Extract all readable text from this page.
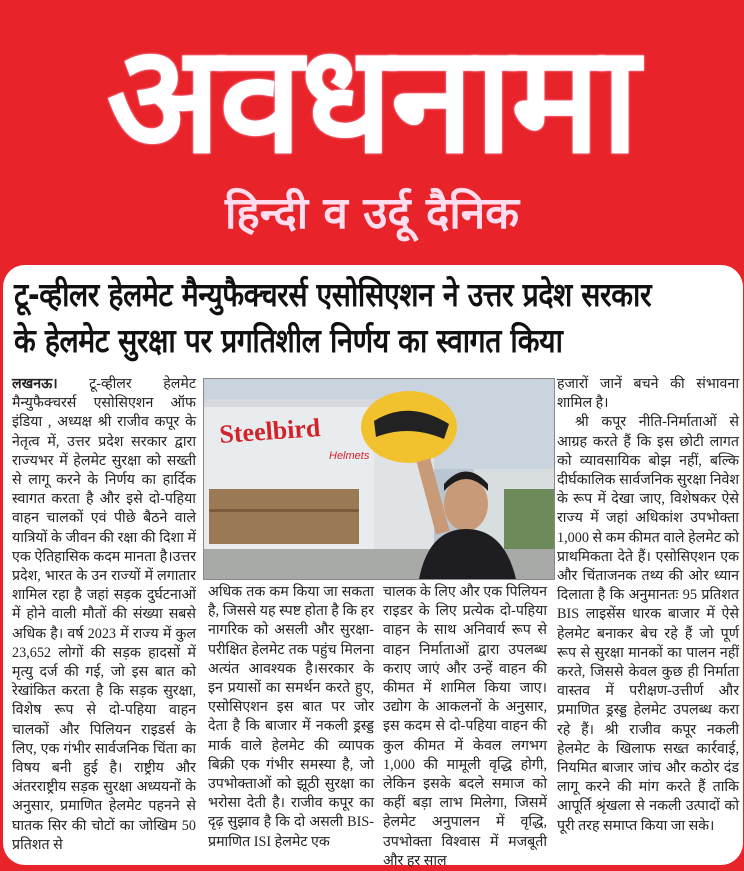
अवधनामा
हिन्दी व उर्दू दैनिक
टू-व्हीलर हेलमेट मैन्युफैक्चरर्स एसोसिएशन ने उत्तर प्रदेश सरकार
के हेलमेट सुरक्षा पर प्रगतिशील निर्णय का स्वागत किया

लखनऊ। टू-व्हीलर हेलमेट मैन्युफैक्चरर्स एसोसिएशन ऑफ इंडिया , अध्यक्ष श्री राजीव कपूर के नेतृत्व में, उत्तर प्रदेश सरकार द्वारा राज्यभर में हेलमेट सुरक्षा को सख्ती से लागू करने के निर्णय का हार्दिक स्वागत करता है और इसे दो-पहिया वाहन चालकों एवं पीछे बैठने वाले यात्रियों के जीवन की रक्षा की दिशा में एक ऐतिहासिक कदम मानता है।उत्तर प्रदेश, भारत के उन राज्यों में लगातार शामिल रहा है जहां सड़क दुर्घटनाओं में होने वाली मौतों की संख्या सबसे अधिक है। वर्ष 2023 में राज्य में कुल 23,652 लोगों की सड़क हादसों में मृत्यु दर्ज की गई, जो इस बात को रेखांकित करता है कि सड़क सुरक्षा, विशेष रूप से दो-पहिया वाहन चालकों और पिलियन राइडर्स के लिए, एक गंभीर सार्वजनिक चिंता का विषय बनी हुई है। राष्ट्रीय और अंतरराष्ट्रीय सड़क सुरक्षा अध्ययनों के अनुसार, प्रमाणित हेलमेट पहनने से घातक सिर की चोटों का जोखिम 50 प्रतिशत से

Steelbird
Helmets

अधिक तक कम किया जा सकता है, जिससे यह स्पष्ट होता है कि हर नागरिक को असली और सुरक्षा-परीक्षित हेलमेट तक पहुंच मिलना अत्यंत आवश्यक है।सरकार के इन प्रयासों का समर्थन करते हुए, एसोसिएशन इस बात पर जोर देता है कि बाजार में नकली ड्रस्ड्ड मार्क वाले हेलमेट की व्यापक बिक्री एक गंभीर समस्या है, जो उपभोक्ताओं को झूठी सुरक्षा का भरोसा देती है। राजीव कपूर का दृढ़ सुझाव है कि दो असली BIS-प्रमाणित ISI हेलमेट एक

चालक के लिए और एक पिलियन राइडर के लिए प्रत्येक दो-पहिया वाहन के साथ अनिवार्य रूप से वाहन निर्माताओं द्वारा उपलब्ध कराए जाएं और उन्हें वाहन की कीमत में शामिल किया जाए।उद्योग के आकलनों के अनुसार, इस कदम से दो-पहिया वाहन की कुल कीमत में केवल लगभग 1,000 की मामूली वृद्धि होगी, लेकिन इसके बदले समाज को कहीं बड़ा लाभ मिलेगा, जिसमें हेलमेट अनुपालन में वृद्धि, उपभोक्ता विश्वास में मजबूती और हर साल

हजारों जानें बचने की संभावना शामिल है।

श्री कपूर नीति-निर्माताओं से आग्रह करते हैं कि इस छोटी लागत को व्यावसायिक बोझ नहीं, बल्कि दीर्घकालिक सार्वजनिक सुरक्षा निवेश के रूप में देखा जाए, विशेषकर ऐसे राज्य में जहां अधिकांश उपभोक्ता 1,000 से कम कीमत वाले हेलमेट को प्राथमिकता देते हैं। एसोसिएशन एक और चिंताजनक तथ्य की ओर ध्यान दिलाता है कि अनुमानतः 95 प्रतिशत BIS लाइसेंस धारक बाजार में ऐसे हेलमेट बनाकर बेच रहे हैं जो पूर्ण रूप से सुरक्षा मानकों का पालन नहीं करते, जिससे केवल कुछ ही निर्माता वास्तव में परीक्षण-उत्तीर्ण और प्रमाणित ड्रस्ड्ड हेलमेट उपलब्ध करा रहे हैं। श्री राजीव कपूर नकली हेलमेट के खिलाफ सख्त कार्रवाई, नियमित बाजार जांच और कठोर दंड लागू करने की मांग करते हैं ताकि आपूर्ति श्रृंखला से नकली उत्पादों को पूरी तरह समाप्त किया जा सके।
